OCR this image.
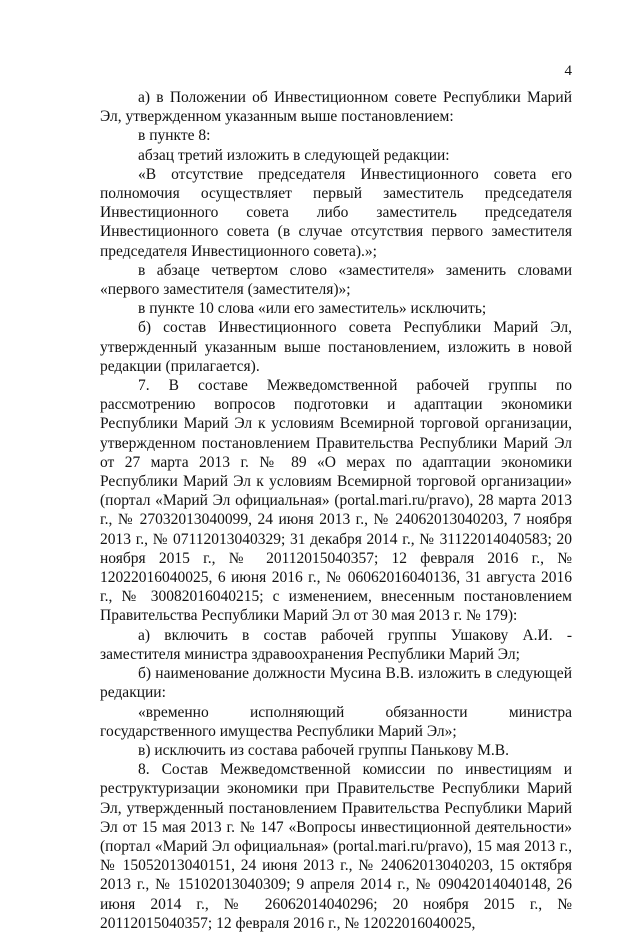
4

а) в Положении об Инвестиционном совете Республики Марий Эл, утвержденном указанным выше постановлением:

в пункте 8:

абзац третий изложить в следующей редакции:

«В отсутствие председателя Инвестиционного совета его полномочия осуществляет первый заместитель председателя Инвестиционного совета либо заместитель председателя Инвестиционного совета (в случае отсутствия первого заместителя председателя Инвестиционного совета).»;

в абзаце четвертом слово «заместителя» заменить словами «первого заместителя (заместителя)»;

в пункте 10 слова «или его заместитель» исключить;

б) состав Инвестиционного совета Республики Марий Эл, утвержденный указанным выше постановлением, изложить в новой редакции (прилагается).

7. В составе Межведомственной рабочей группы по рассмотрению вопросов подготовки и адаптации экономики Республики Марий Эл к условиям Всемирной торговой организации, утвержденном постановлением Правительства Республики Марий Эл от 27 марта 2013 г. № 89 «О мерах по адаптации экономики Республики Марий Эл к условиям Всемирной торговой организации» (портал «Марий Эл официальная» (portal.mari.ru/pravo), 28 марта 2013 г., № 27032013040099, 24 июня 2013 г., № 24062013040203, 7 ноября 2013 г., № 07112013040329; 31 декабря 2014 г., № 31122014040583; 20 ноября 2015 г., № 20112015040357; 12 февраля 2016 г., № 12022016040025, 6 июня 2016 г., № 06062016040136, 31 августа 2016 г., № 30082016040215; с изменением, внесенным постановлением Правительства Республики Марий Эл от 30 мая 2013 г. № 179):

а) включить в состав рабочей группы Ушакову А.И. - заместителя министра здравоохранения Республики Марий Эл;

б) наименование должности Мусина В.В. изложить в следующей редакции:

«временно исполняющий обязанности министра государственного имущества Республики Марий Эл»;

в) исключить из состава рабочей группы Панькову М.В.

8. Состав Межведомственной комиссии по инвестициям и реструктуризации экономики при Правительстве Республики Марий Эл, утвержденный постановлением Правительства Республики Марий Эл от 15 мая 2013 г. № 147 «Вопросы инвестиционной деятельности» (портал «Марий Эл официальная» (portal.mari.ru/pravo), 15 мая 2013 г., № 15052013040151, 24 июня 2013 г., № 24062013040203, 15 октября 2013 г., № 15102013040309; 9 апреля 2014 г., № 09042014040148, 26 июня 2014 г., № 26062014040296; 20 ноября 2015 г., № 20112015040357; 12 февраля 2016 г., № 12022016040025,
